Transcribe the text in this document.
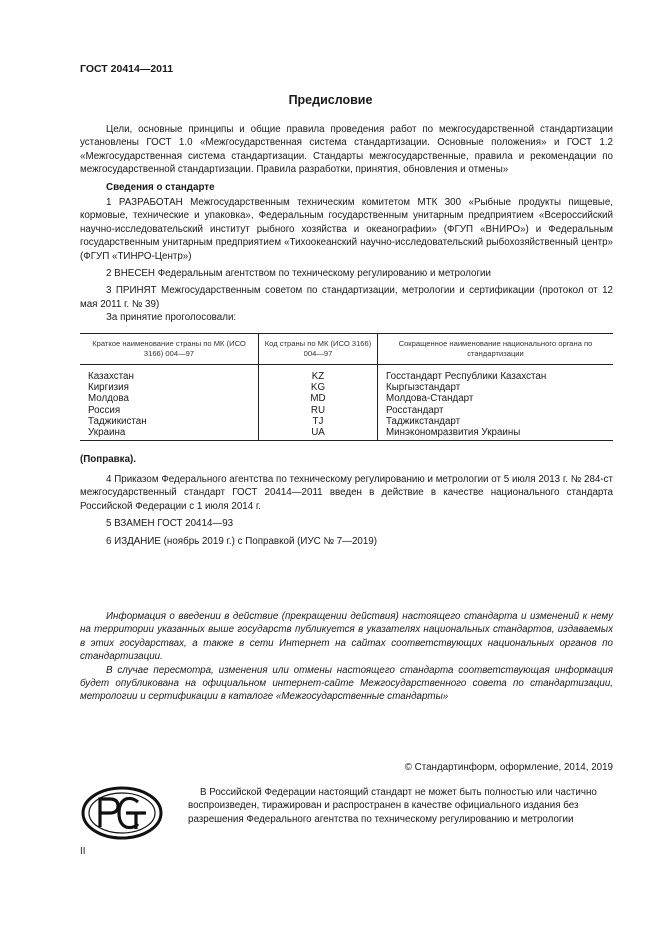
ГОСТ 20414—2011
Предисловие

Цели, основные принципы и общие правила проведения работ по межгосударственной стандартизации установлены ГОСТ 1.0 «Межгосударственная система стандартизации. Основные положения» и ГОСТ 1.2 «Межгосударственная система стандартизации. Стандарты межгосударственные, правила и рекомендации по межгосударственной стандартизации. Правила разработки, принятия, обновления и отмены»

Сведения о стандарте

1 РАЗРАБОТАН Межгосударственным техническим комитетом МТК 300 «Рыбные продукты пищевые, кормовые, технические и упаковка», Федеральным государственным унитарным предприятием «Всероссийский научно-исследовательский институт рыбного хозяйства и океанографии» (ФГУП «ВНИРО») и Федеральным государственным унитарным предприятием «Тихоокеанский научно-исследовательский рыбохозяйственный центр» (ФГУП «ТИНРО-Центр»)

2 ВНЕСЕН Федеральным агентством по техническому регулированию и метрологии

3 ПРИНЯТ Межгосударственным советом по стандартизации, метрологии и сертификации (протокол от 12 мая 2011 г. № 39)

За принятие проголосовали:

Краткое наименование страны по МК (ИСО 3166) 004—97	Код страны по МК (ИСО 3166) 004—97	Сокращенное наименование национального органа по стандартизации
Казахстан	KZ	Госстандарт Республики Казахстан
Киргизия	KG	Кыргызстандарт
Молдова	MD	Молдова-Стандарт
Россия	RU	Росстандарт
Таджикистан	TJ	Таджикстандарт
Украина	UA	Минэкономразвития Украины
(Поправка).

4 Приказом Федерального агентства по техническому регулированию и метрологии от 5 июля 2013 г. № 284-ст межгосударственный стандарт ГОСТ 20414—2011 введен в действие в качестве национального стандарта Российской Федерации с 1 июля 2014 г.

5 ВЗАМЕН ГОСТ 20414—93

6 ИЗДАНИЕ (ноябрь 2019 г.) с Поправкой (ИУС № 7—2019)

Информация о введении в действие (прекращении действия) настоящего стандарта и изменений к нему на территории указанных выше государств публикуется в указателях национальных стандартов, издаваемых в этих государствах, а также в сети Интернет на сайтах соответствующих национальных органов по стандартизации.

В случае пересмотра, изменения или отмены настоящего стандарта соответствующая информация будет опубликована на официальном интернет-сайте Межгосударственного совета по стандартизации, метрологии и сертификации в каталоге «Межгосударственные стандарты»

© Стандартинформ, оформление, 2014, 2019
В Российской Федерации настоящий стандарт не может быть полностью или частично воспроизведен, тиражирован и распространен в качестве официального издания без разрешения Федерального агентства по техническому регулированию и метрологии
II
